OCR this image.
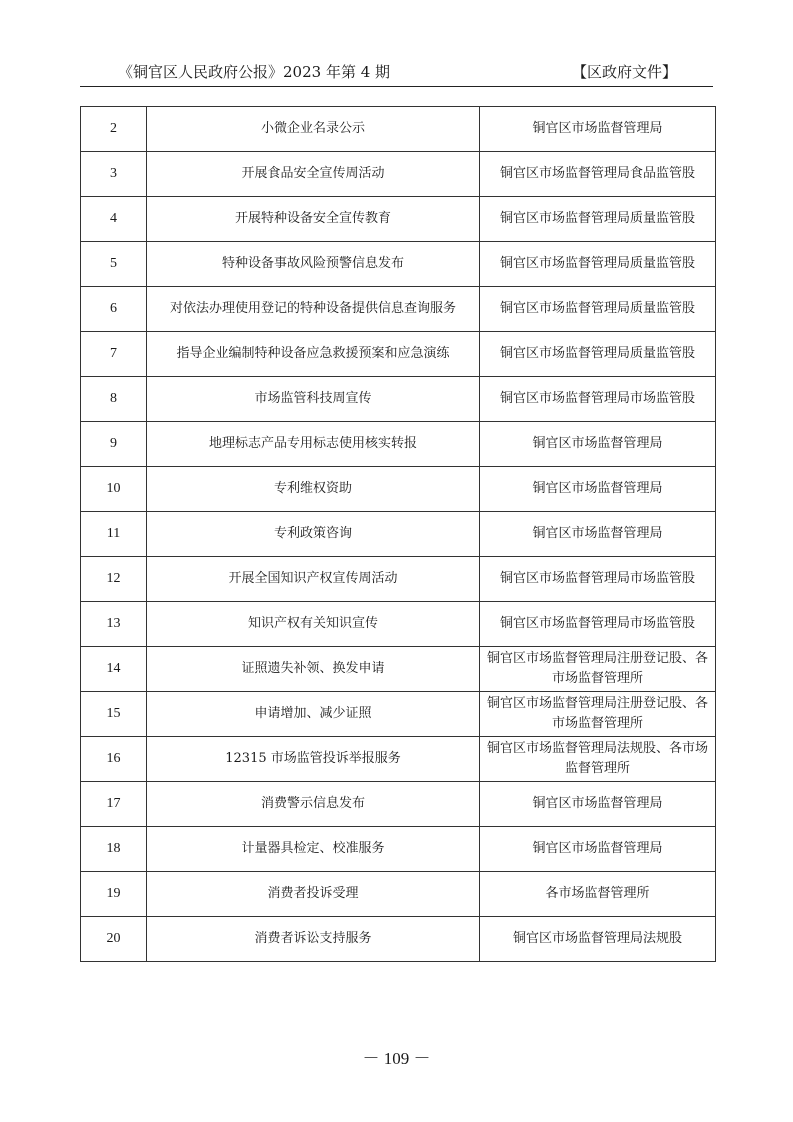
《铜官区人民政府公报》2023 年第 4 期	【区政府文件】
2	小微企业名录公示	铜官区市场监督管理局
3	开展食品安全宣传周活动	铜官区市场监督管理局食品监管股
4	开展特种设备安全宣传教育	铜官区市场监督管理局质量监管股
5	特种设备事故风险预警信息发布	铜官区市场监督管理局质量监管股
6	对依法办理使用登记的特种设备提供信息查询服务	铜官区市场监督管理局质量监管股
7	指导企业编制特种设备应急救援预案和应急演练	铜官区市场监督管理局质量监管股
8	市场监管科技周宣传	铜官区市场监督管理局市场监管股
9	地理标志产品专用标志使用核实转报	铜官区市场监督管理局
10	专利维权资助	铜官区市场监督管理局
11	专利政策咨询	铜官区市场监督管理局
12	开展全国知识产权宣传周活动	铜官区市场监督管理局市场监管股
13	知识产权有关知识宣传	铜官区市场监督管理局市场监管股
14	证照遗失补领、换发申请	铜官区市场监督管理局注册登记股、各市场监督管理所
15	申请增加、减少证照	铜官区市场监督管理局注册登记股、各市场监督管理所
16	12315 市场监管投诉举报服务	铜官区市场监督管理局法规股、各市场监督管理所
17	消费警示信息发布	铜官区市场监督管理局
18	计量器具检定、校准服务	铜官区市场监督管理局
19	消费者投诉受理	各市场监督管理所
20	消费者诉讼支持服务	铜官区市场监督管理局法规股
－ 109 －
